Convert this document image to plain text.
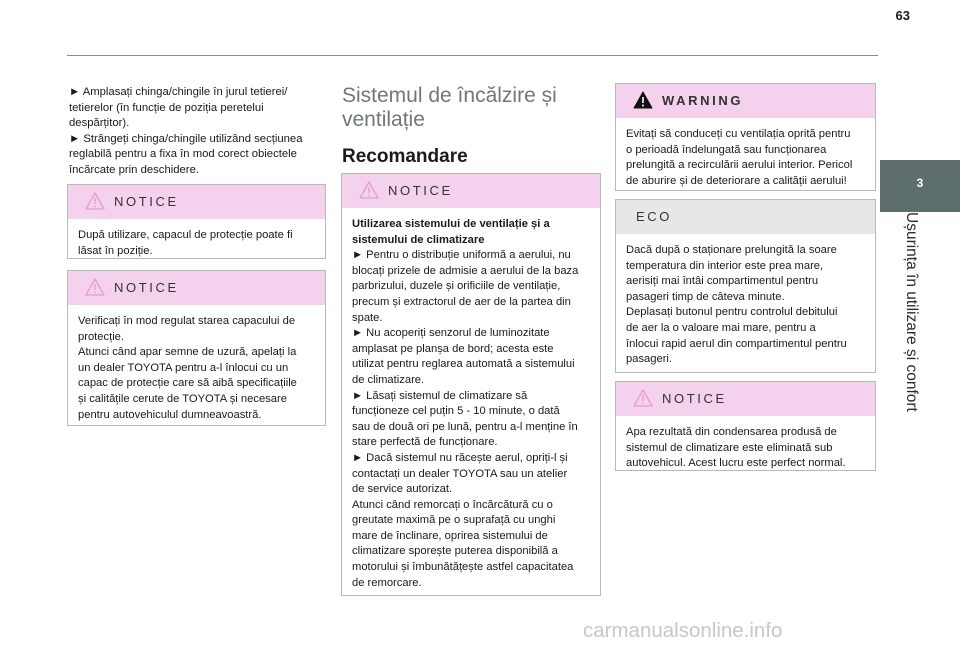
63
3
Ușurința în utilizare și confort
► Amplasați chinga/chingile în jurul tetierei/
tetierelor (în funcție de poziția peretelui
despărțitor).
► Strângeți chinga/chingile utilizând secțiunea
reglabilă pentru a fixa în mod corect obiectele
încărcate prin deschidere.
NOTICE
După utilizare, capacul de protecție poate fi
lăsat în poziție.
NOTICE
Verificați în mod regulat starea capacului de
protecție.
Atunci când apar semne de uzură, apelați la
un dealer TOYOTA pentru a-l înlocui cu un
capac de protecție care să aibă specificațiile
și calitățile cerute de TOYOTA și necesare
pentru autovehiculul dumneavoastră.
Sistemul de încălzire și ventilație
Recomandare
NOTICE
Utilizarea sistemului de ventilație și a
sistemului de climatizare
► Pentru o distribuție uniformă a aerului, nu
blocați prizele de admisie a aerului de la baza
parbrizului, duzele și orificiile de ventilație,
precum și extractorul de aer de la partea din
spate.
► Nu acoperiți senzorul de luminozitate
amplasat pe planșa de bord; acesta este
utilizat pentru reglarea automată a sistemului
de climatizare.
► Lăsați sistemul de climatizare să
funcționeze cel puțin 5 - 10 minute, o dată
sau de două ori pe lună, pentru a-l menține în
stare perfectă de funcționare.
► Dacă sistemul nu răcește aerul, opriți-l și
contactați un dealer TOYOTA sau un atelier
de service autorizat.
Atunci când remorcați o încărcătură cu o
greutate maximă pe o suprafață cu unghi
mare de înclinare, oprirea sistemului de
climatizare sporește puterea disponibilă a
motorului și îmbunătățește astfel capacitatea
de remorcare.
WARNING
Evitați să conduceți cu ventilația oprită pentru
o perioadă îndelungată sau funcționarea
prelungită a recirculării aerului interior. Pericol
de aburire și de deteriorare a calității aerului!
ECO
Dacă după o staționare prelungită la soare
temperatura din interior este prea mare,
aerisiți mai întâi compartimentul pentru
pasageri timp de câteva minute.
Deplasați butonul pentru controlul debitului
de aer la o valoare mai mare, pentru a
înlocui rapid aerul din compartimentul pentru
pasageri.
NOTICE
Apa rezultată din condensarea produsă de
sistemul de climatizare este eliminată sub
autovehicul. Acest lucru este perfect normal.
carmanualsonline.info
